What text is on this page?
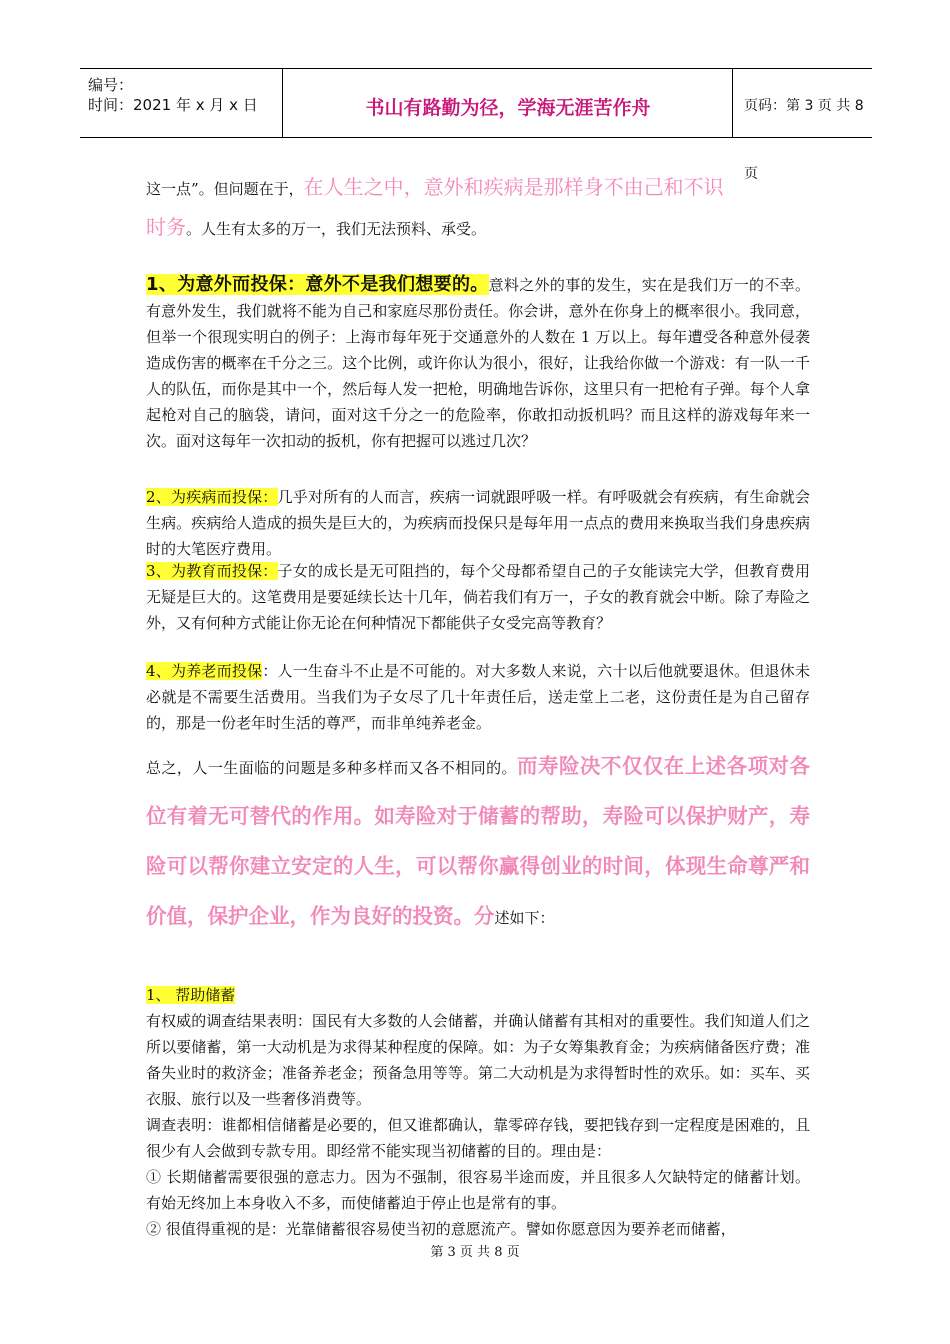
编号：
时间：2021 年 x 月 x 日	书山有路勤为径，学海无涯苦作舟	页码：第 3 页 共 8 页

这一点”。但问题在于，在人生之中，意外和疾病是那样身不由己和不识
时务。人生有太多的万一，我们无法预料、承受。

1、为意外而投保：意外不是我们想要的。意料之外的事的发生，实在是我们万一的不幸。有意外发生，我们就将不能为自己和家庭尽那份责任。你会讲，意外在你身上的概率很小。我同意，但举一个很现实明白的例子：上海市每年死于交通意外的人数在 1 万以上。每年遭受各种意外侵袭造成伤害的概率在千分之三。这个比例，或许你认为很小，很好，让我给你做一个游戏：有一队一千人的队伍，而你是其中一个，然后每人发一把枪，明确地告诉你，这里只有一把枪有子弹。每个人拿起枪对自己的脑袋，请问，面对这千分之一的危险率，你敢扣动扳机吗？而且这样的游戏每年来一次。面对这每年一次扣动的扳机，你有把握可以逃过几次？

2、为疾病而投保：几乎对所有的人而言，疾病一词就跟呼吸一样。有呼吸就会有疾病，有生命就会生病。疾病给人造成的损失是巨大的，为疾病而投保只是每年用一点点的费用来换取当我们身患疾病时的大笔医疗费用。

3、为教育而投保：子女的成长是无可阻挡的，每个父母都希望自己的子女能读完大学，但教育费用无疑是巨大的。这笔费用是要延续长达十几年，倘若我们有万一，子女的教育就会中断。除了寿险之外，又有何种方式能让你无论在何种情况下都能供子女受完高等教育？

4、为养老而投保：人一生奋斗不止是不可能的。对大多数人来说，六十以后他就要退休。但退休未必就是不需要生活费用。当我们为子女尽了几十年责任后，送走堂上二老，这份责任是为自己留存的，那是一份老年时生活的尊严，而非单纯养老金。

总之，人一生面临的问题是多种多样而又各不相同的。而寿险决不仅仅在上述各项对各位有着无可替代的作用。如寿险对于储蓄的帮助，寿险可以保护财产，寿险可以帮你建立安定的人生，可以帮你赢得创业的时间，体现生命尊严和价值，保护企业，作为良好的投资。分述如下：

1、 帮助储蓄

有权威的调查结果表明：国民有大多数的人会储蓄，并确认储蓄有其相对的重要性。我们知道人们之所以要储蓄，第一大动机是为求得某种程度的保障。如：为子女筹集教育金；为疾病储备医疗费；准备失业时的救济金；准备养老金；预备急用等等。第二大动机是为求得暂时性的欢乐。如：买车、买衣服、旅行以及一些奢侈消费等。

调查表明：谁都相信储蓄是必要的，但又谁都确认，靠零碎存钱，要把钱存到一定程度是困难的，且很少有人会做到专款专用。即经常不能实现当初储蓄的目的。理由是：

① 长期储蓄需要很强的意志力。因为不强制，很容易半途而废，并且很多人欠缺特定的储蓄计划。有始无终加上本身收入不多，而使储蓄迫于停止也是常有的事。

② 很值得重视的是：光靠储蓄很容易使当初的意愿流产。譬如你愿意因为要养老而储蓄，

第 3 页 共 8 页
